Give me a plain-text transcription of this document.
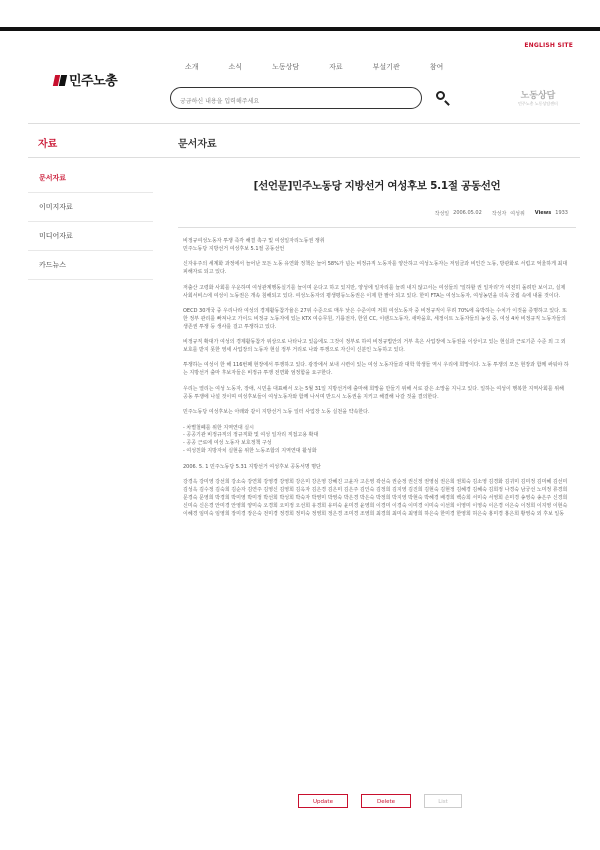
ENGLISH SITE
민주노총
소개	소식	노동상담	자료	부설기관	참여
궁금하신 내용을 입력해주세요
노동상담
민주노총 노동상담센터
자료	문서자료
문서자료
이미지자료
미디어자료
카드뉴스
[선언문]민주노동당 지방선거 여성후보 5.1절 공동선언
작성일 2006.05.02 작성자 여성위 Views 1933

비정규여성노동자 투쟁 즉각 해결 촉구 및 여성일자리노동권 쟁취
민주노동당 지방선거 여성후보 5.1절 공동선언

신자유주의 세계화 과정에서 늘어난 모든 노동 유연화 정책은 늘어 58%가 넘는 비정규직 노동자를 양산하고 여성노동자는 저임금과 비인간 노동, 방관화로 서럽고 억울하게 최대 피해자로 되고 있다.

저출산 고령화 사회를 우운하며 여성관계행동실기를 늘이며 운다고 하고 있지만, 양성에 일자리를 늘려 내지 않고서는 여성들의 '일하할 권 일자리'가 여전히 돌려만 보이고, 실제 사회서비스에 여성이 노동권은 개속 침해되고 있다. 여성노동자의 평생평등노동권은 이제 한 팔아 되고 있다. 한미 FTA는 여성노동자, 여성농민을 더욱 궁핍 속에 내몰 것이다.

OECD 30개국 중 우리나라 여성의 경제활동참가율은 27위 수준으로 매우 낮은 수준이며 저희 여성노동자 중 비정규직이 무려 70%에 육박하는 수치가 이것을 증명하고 있다. 또한 정부 관리를 빠져나고 가이드 비정규 노동자에 있는 KTX 여승무원, 기륭전자, 한원 CC, 이랜드노동자, 새마을호, 세정이트 노동자들의 농성 중, 여성 4차 비정규직 노동자들의 생존권 투쟁 등 생사를 걸고 투쟁하고 있다.

비정규직 확대가 여성의 경제활동참가 위상으로 나타나고 있음에도 그것이 정부로 하여 비정규법안의 거부 혹은 사업장에 노동권을 이상이고 있는 현실과 근로기준 수준 외 그 외 보호를 받지 못한 영세 사업장의 노동자 현실 정부 거리로 나와 투쟁으로 자신이 신분인 노동하고 있다.

투쟁하는 여성이 한 해 116번째 현장에서 투쟁하고 있다. 광장에서 보내 시련이 있는 여성 노동자들과 대학 학생들 역시 우리에 희망이다. 노동 투쟁의 모든 현장과 함께 싸워야 하는 지방선거 출마 후보자들은 비정규 투쟁 전면화 엄정함을 요구한다.

우리는 열리는 여성 노동자, 장애, 시민을 대표해서 오는 5월 31일 지방선거에 출마해 희망을 만들기 위해 서로 같은 소망을 지니고 있다. 일하는 여성이 행복한 지역사회를 위해 공동 투쟁에 나설 것이며 여성후보들이 여성노동자와 함께 나서며 반드시 노동권을 지키고 해결해 나갈 것을 결의한다.

민주노동당 여성후보는 아래와 같이 지방선거 노동 일터 사업장 노동 실천을 약속한다.

- 차별철폐를 위한 지역연대 실시
- 공공기관 비정규직의 정규직화 및 여성 일자리 직접고용 확대
- 공공 근로에 여성 노동자 보호정책 구성
- 여성친화 지방자치 실현을 위한 노동조합의 지역연대 활성화

2006. 5. 1 민주노동당 5.31 지방선거 여성후보 공동서명 명단

강경옥 강미영 강선희 강소숙 강연희 강영경 강영희 강은미 강은영 강혜진 고윤자 고은영 곽선숙 권순정 권신정 권영심 권은희 권희숙 김소영 김경화 김귀미 김미정 김미혜 김선미 김성옥 김수정 김숙희 김순자 김연주 김영신 김영희 김옥자 김은경 김은미 김은주 김인숙 김정희 김지영 김진희 김현숙 김현정 김혜경 김혜숙 김희정 나경숙 남궁선 노미정 류경희 문경숙 문영희 박경희 박미영 박미정 박선희 박성희 박숙자 박영미 박영숙 박은경 박은숙 박정희 박지영 박현숙 박혜경 배경희 백승희 서미숙 서영희 손미경 송영숙 송은주 신경희 신미숙 신은경 안미경 안영희 양미숙 오경희 오미정 오선희 유경희 유미숙 윤미경 윤영희 이경미 이경숙 이미경 이미숙 이선희 이영미 이영숙 이은경 이은숙 이정희 이지영 이현숙 이혜경 임미숙 임영희 장미경 장은숙 전미경 정경희 정미숙 정영희 정은경 조미경 조영희 최경희 최미숙 최영희 하은숙 한미경 한영희 허은숙 홍미경 홍은희 황영숙 외 후보 일동

Update	Delete	List
